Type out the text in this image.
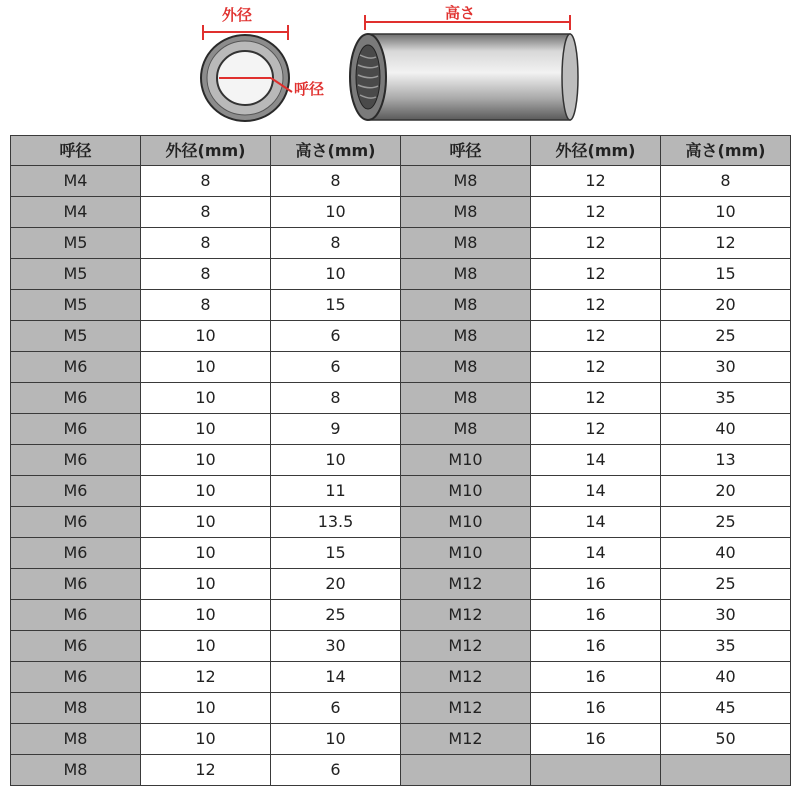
外径
呼径
高さ
呼径	外径(mm)	高さ(mm)	呼径	外径(mm)	高さ(mm)
M4	8	8	M8	12	8
M4	8	10	M8	12	10
M5	8	8	M8	12	12
M5	8	10	M8	12	15
M5	8	15	M8	12	20
M5	10	6	M8	12	25
M6	10	6	M8	12	30
M6	10	8	M8	12	35
M6	10	9	M8	12	40
M6	10	10	M10	14	13
M6	10	11	M10	14	20
M6	10	13.5	M10	14	25
M6	10	15	M10	14	40
M6	10	20	M12	16	25
M6	10	25	M12	16	30
M6	10	30	M12	16	35
M6	12	14	M12	16	40
M8	10	6	M12	16	45
M8	10	10	M12	16	50
M8	12	6			
